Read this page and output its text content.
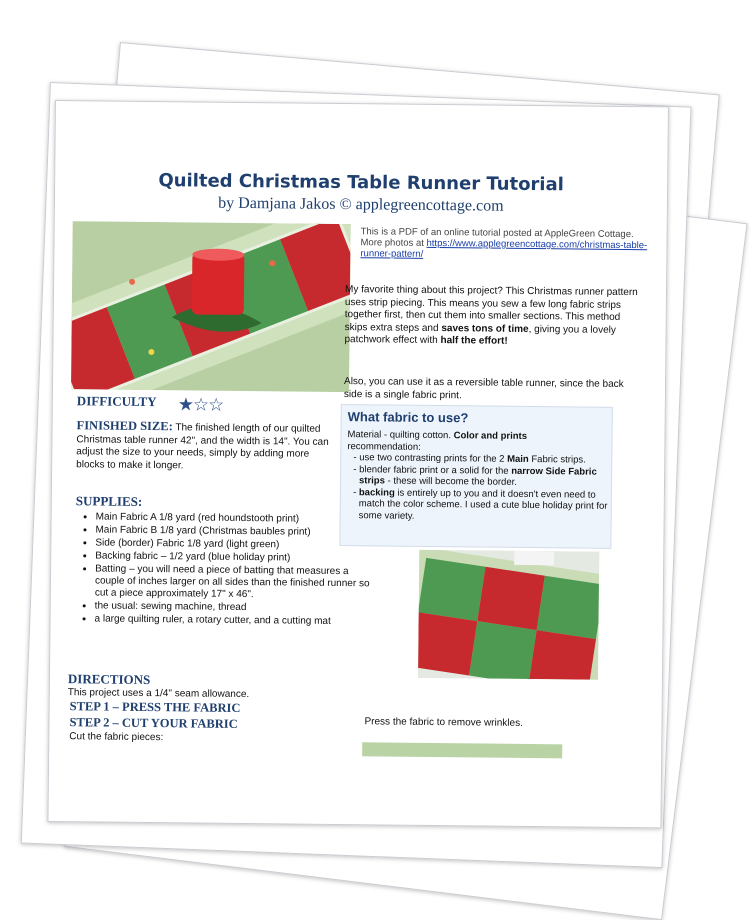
Quilted Christmas Table Runner Tutorial
by Damjana Jakos © applegreencottage.com
This is a PDF of an online tutorial posted at AppleGreen Cottage. More photos at https://www.applegreencottage.com/christmas-table-runner-pattern/
My favorite thing about this project? This Christmas runner pattern uses strip piecing. This means you sew a few long fabric strips together first, then cut them into smaller sections. This method skips extra steps and saves tons of time, giving you a lovely patchwork effect with half the effort!
Also, you can use it as a reversible table runner, since the back side is a single fabric print.
What fabric to use?
Material - quilting cotton. Color and prints
recommendation:
- use two contrasting prints for the 2 Main Fabric strips.
- blender fabric print or a solid for the narrow Side Fabric strips - these will become the border.
- backing is entirely up to you and it doesn't even need to match the color scheme. I used a cute blue holiday print for some variety.
DIFFICULTY ★☆☆
FINISHED SIZE: The finished length of our quilted Christmas table runner 42", and the width is 14". You can adjust the size to your needs, simply by adding more blocks to make it longer.
SUPPLIES:
• Main Fabric A 1/8 yard (red houndstooth print)
• Main Fabric B 1/8 yard (Christmas baubles print)
• Side (border) Fabric 1/8 yard (light green)
• Backing fabric – 1/2 yard (blue holiday print)
• Batting – you will need a piece of batting that measures a couple of inches larger on all sides than the finished runner so cut a piece approximately 17" x 46".
• the usual: sewing machine, thread
• a large quilting ruler, a rotary cutter, and a cutting mat
DIRECTIONS
This project uses a 1/4" seam allowance.
STEP 1 – PRESS THE FABRIC
STEP 2 – CUT YOUR FABRIC
Cut the fabric pieces:
Press the fabric to remove wrinkles.
